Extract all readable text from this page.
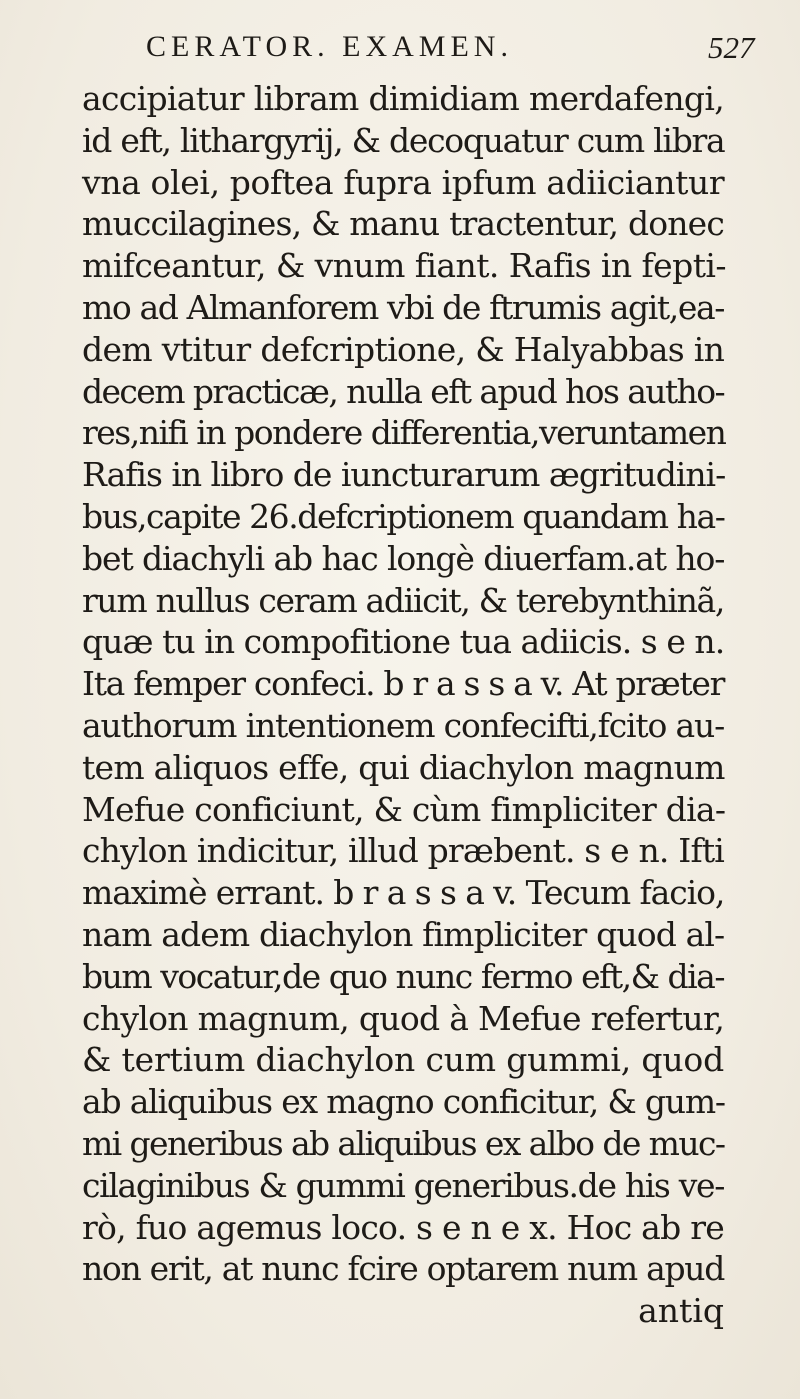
CERATOR. EXAMEN.	527
accipiatur libram dimidiam merdafengi,
id eft, lithargyrij, & decoquatur cum libra
vna olei, poftea fupra ipfum adiiciantur
muccilagines, & manu tractentur, donec
mifceantur, & vnum fiant. Rafis in fepti-
mo ad Almanforem vbi de ftrumis agit,ea-
dem vtitur defcriptione, & Halyabbas in
decem practicæ, nulla eft apud hos autho-
res,nifi in pondere differentia,veruntamen
Rafis in libro de iuncturarum ægritudini-
bus,capite 26.defcriptionem quandam ha-
bet diachyli ab hac longè diuerfam.at ho-
rum nullus ceram adiicit, & terebynthinã,
quæ tu in compofitione tua adiicis. s e n.
Ita femper confeci. b r a s s a v. At præter
authorum intentionem confecifti,fcito au-
tem aliquos effe, qui diachylon magnum
Mefue conficiunt, & cùm fimpliciter dia-
chylon indicitur, illud præbent. s e n. Ifti
maximè errant. b r a s s a v. Tecum facio,
nam adem diachylon fimpliciter quod al-
bum vocatur,de quo nunc fermo eft,& dia-
chylon magnum, quod à Mefue refertur,
& tertium diachylon cum gummi, quod
ab aliquibus ex magno conficitur, & gum-
mi generibus ab aliquibus ex albo de muc-
cilaginibus & gummi generibus.de his ve-
rò, fuo agemus loco. s e n e x. Hoc ab re
non erit, at nunc fcire optarem num apud
antiq
